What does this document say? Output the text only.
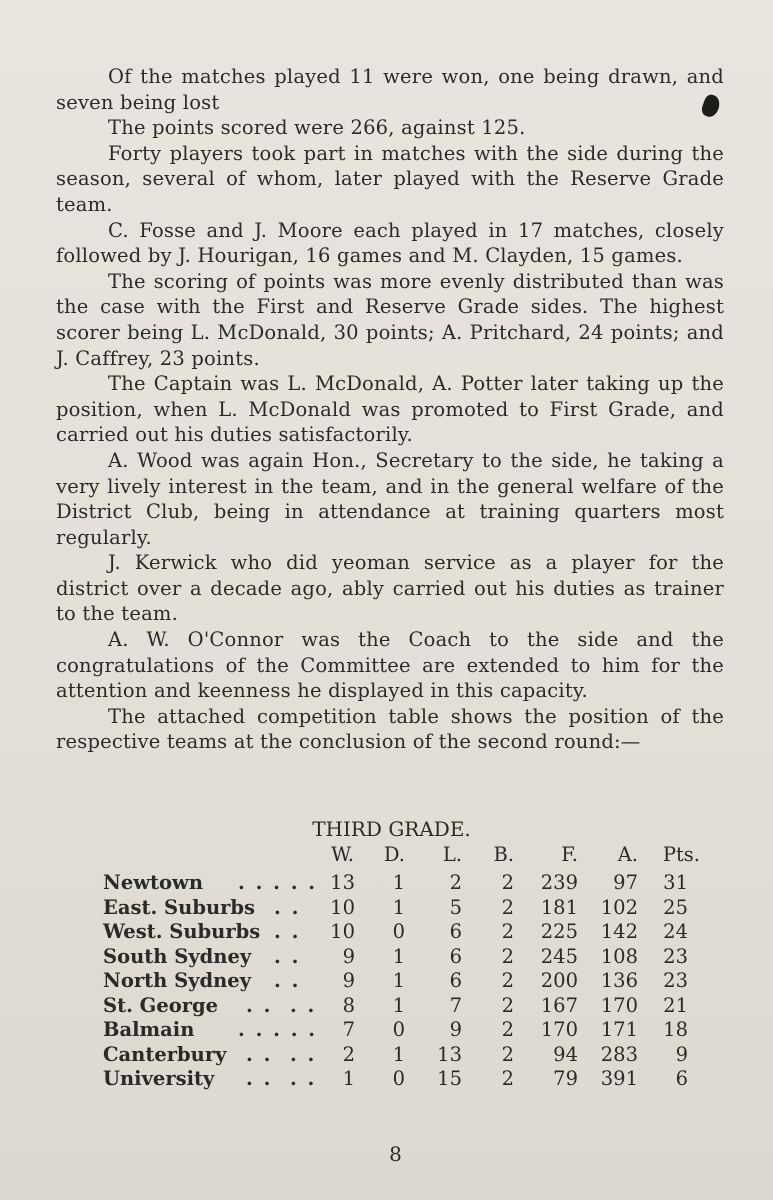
Of the matches played 11 were won, one being drawn, and seven being lost

The points scored were 266, against 125.

Forty players took part in matches with the side during the season, several of whom, later played with the Reserve Grade team.

C. Fosse and J. Moore each played in 17 matches, closely followed by J. Hourigan, 16 games and M. Clayden, 15 games.

The scoring of points was more evenly distributed than was the case with the First and Reserve Grade sides. The highest scorer being L. McDonald, 30 points; A. Pritchard, 24 points; and J. Caffrey, 23 points.

The Captain was L. McDonald, A. Potter later taking up the position, when L. McDonald was promoted to First Grade, and carried out his duties satisfactorily.

A. Wood was again Hon., Secretary to the side, he taking a very lively interest in the team, and in the general welfare of the District Club, being in attendance at training quarters most regularly.

J. Kerwick who did yeoman service as a player for the district over a decade ago, ably carried out his duties as trainer to the team.

A. W. O'Connor was the Coach to the side and the congratulations of the Committee are extended to him for the attention and keenness he displayed in this capacity.

The attached competition table shows the position of the respective teams at the conclusion of the second round:—

THIRD GRADE.
W.	D.	L.	B.	F.	A.	Pts.
Newtown . . . . . 13	1	2	2	239	97	31
East. Suburbs . .	10	1	5	2	181	102	25
West. Suburbs . .	10	0	6	2	225	142	24
South Sydney . .	9	1	6	2	245	108	23
North Sydney . .	9	1	6	2	200	136	23
St. George . .  . .	8	1	7	2	167	170	21
Balmain . . . . .	7	0	9	2	170	171	18
Canterbury . .  . .	2	1	13	2	94	283	9
University . .  . .	1	0	15	2	79	391	6
8
